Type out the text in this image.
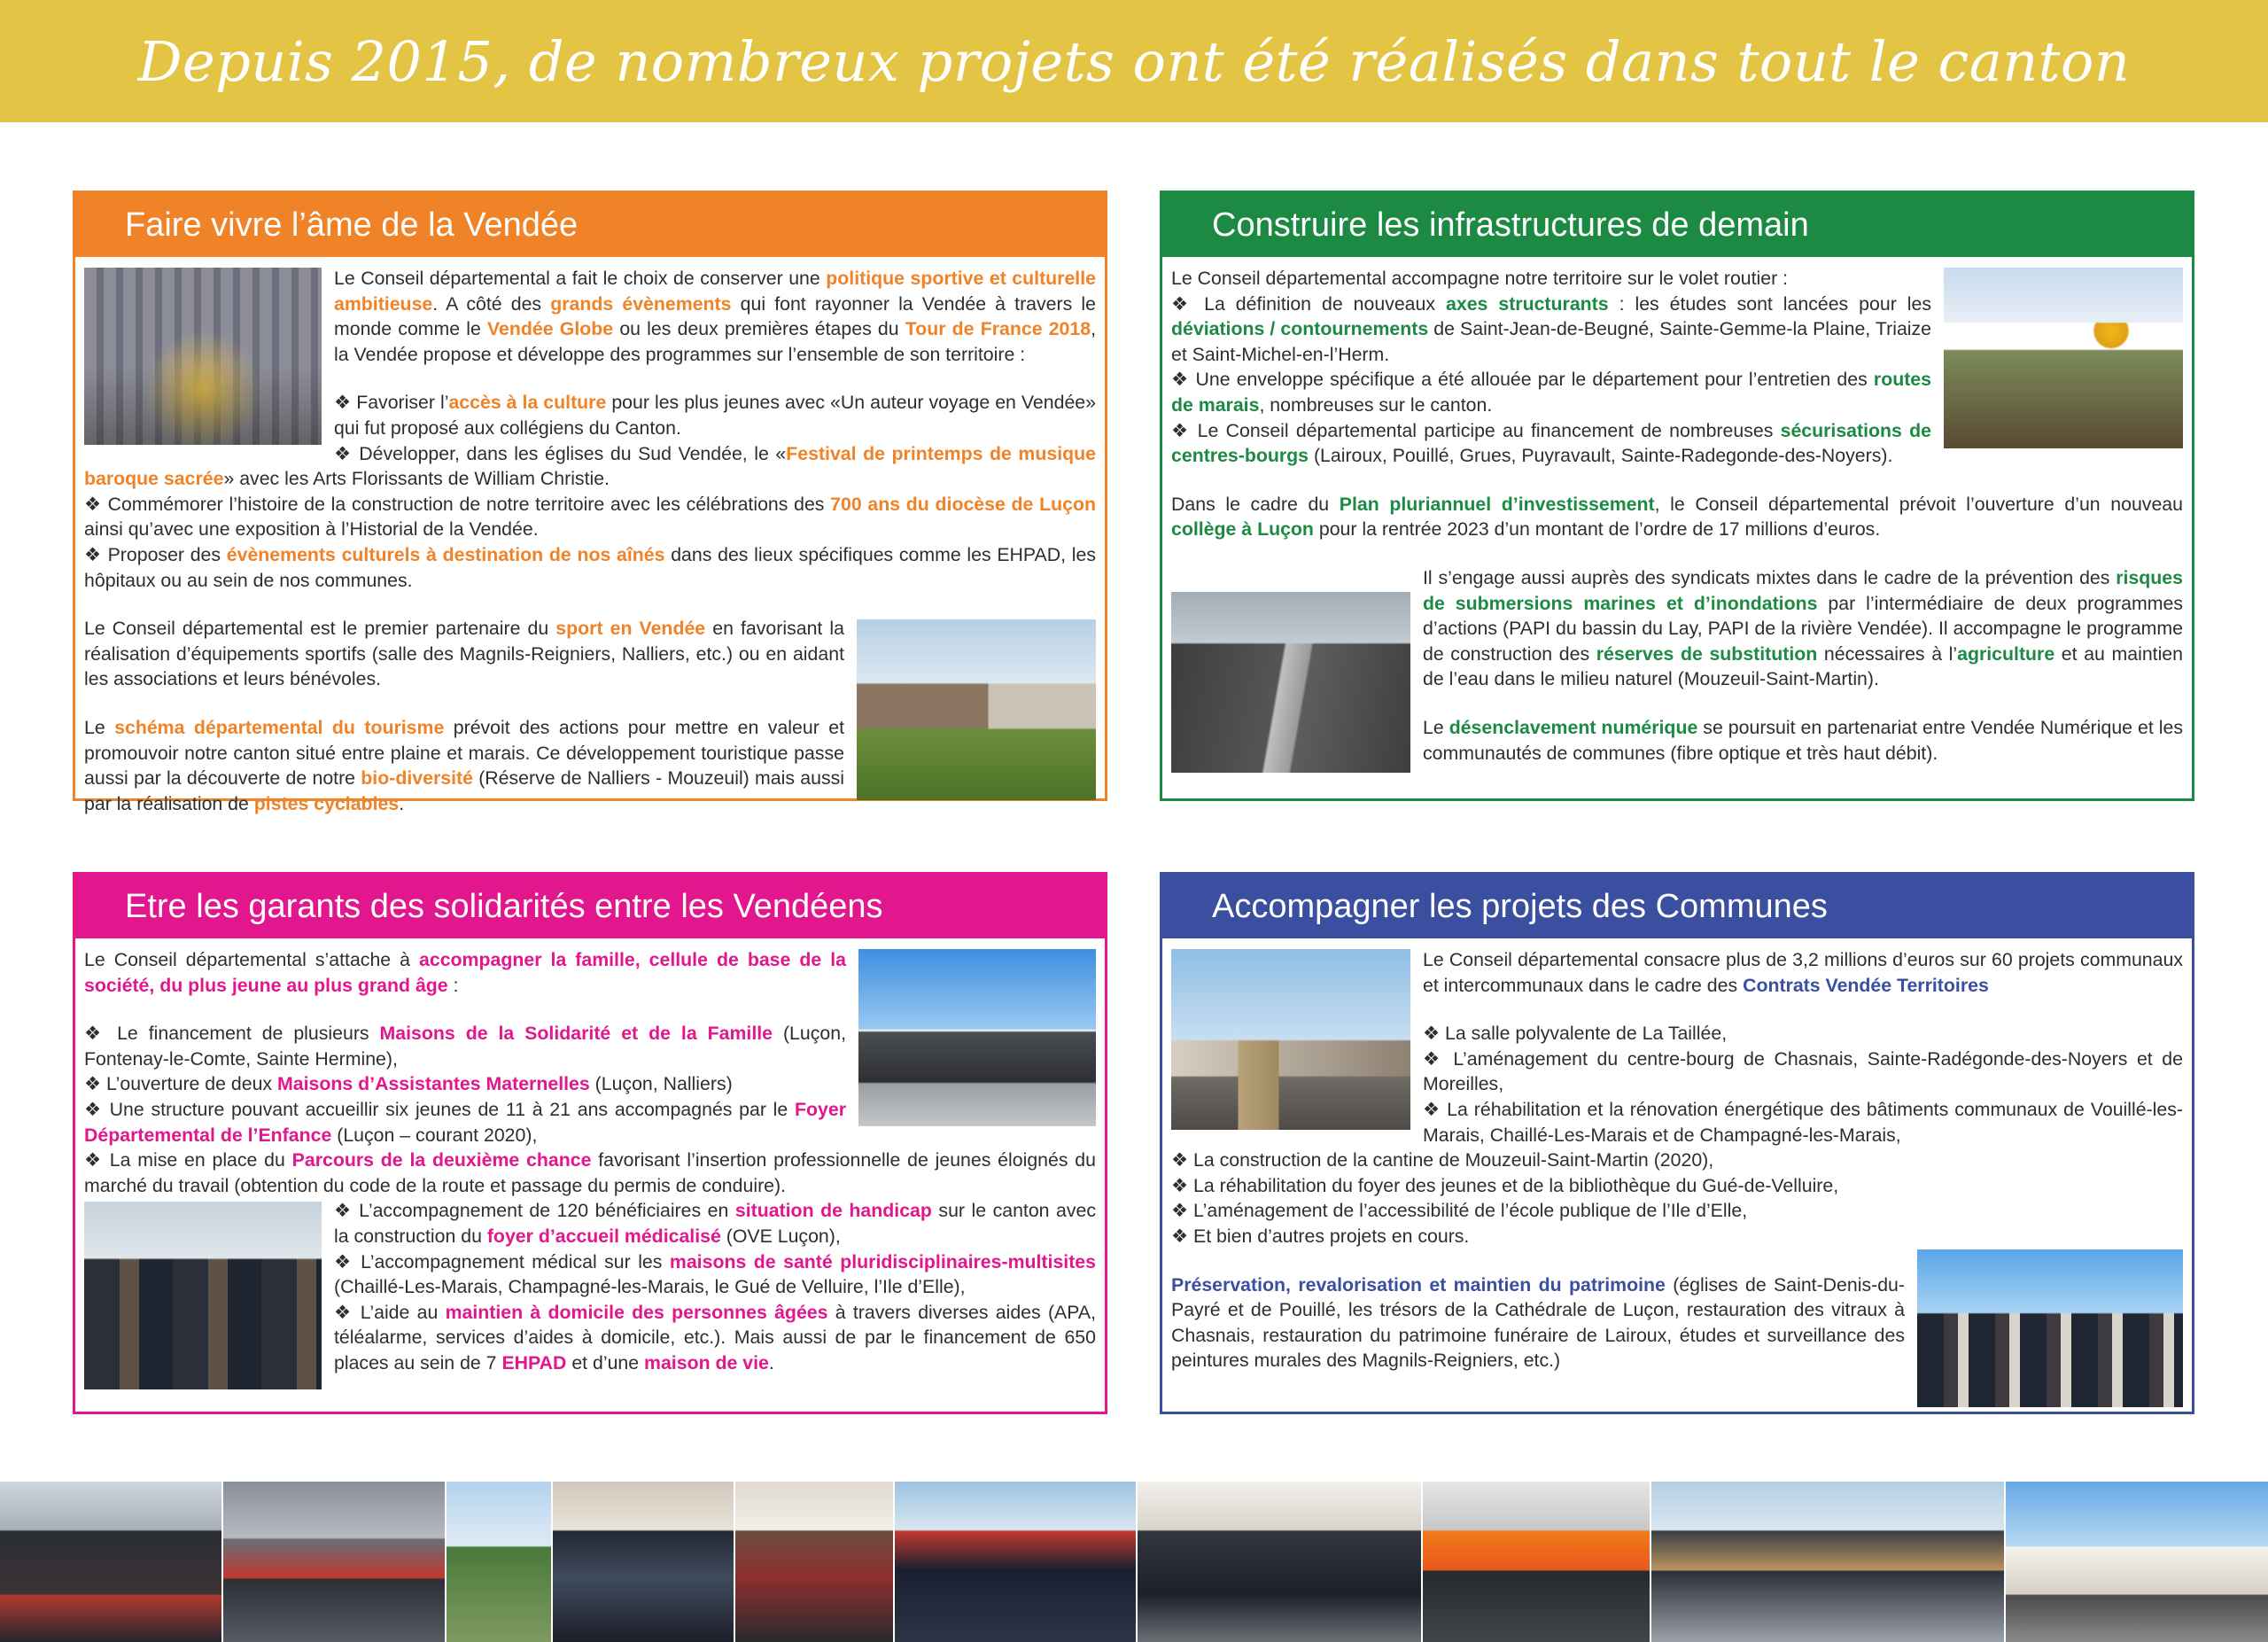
Depuis 2015, de nombreux projets ont été réalisés dans tout le canton
Faire vivre l’âme de la Vendée

Le Conseil départemental a fait le choix de conserver une politique sportive et culturelle ambitieuse. A côté des grands évènements qui font rayonner la Vendée à travers le monde comme le Vendée Globe ou les deux premières étapes du Tour de France 2018, la Vendée propose et développe des programmes sur l’ensemble de son territoire :

❖ Favoriser l’accès à la culture pour les plus jeunes avec «Un auteur voyage en Vendée» qui fut proposé aux collégiens du Canton.

❖ Développer, dans les églises du Sud Vendée, le «Festival de printemps de musique baroque sacrée» avec les Arts Florissants de William Christie.

❖ Commémorer l’histoire de la construction de notre territoire avec les célébrations des 700 ans du diocèse de Luçon ainsi qu’avec une exposition à l’Historial de la Vendée.

❖ Proposer des évènements culturels à destination de nos aînés dans des lieux spécifiques comme les EHPAD, les hôpitaux ou au sein de nos communes.

Le Conseil départemental est le premier partenaire du sport en Vendée en favorisant la réalisation d’équipements sportifs (salle des Magnils-Reigniers, Nalliers, etc.) ou en aidant les associations et leurs bénévoles.

Le schéma départemental du tourisme prévoit des actions pour mettre en valeur et promouvoir notre canton situé entre plaine et marais. Ce développement touristique passe aussi par la découverte de notre bio-diversité (Réserve de Nalliers - Mouzeuil) mais aussi par la réalisation de pistes cyclables.

Construire les infrastructures de demain

Le Conseil départemental accompagne notre territoire sur le volet routier :

❖ La définition de nouveaux axes structurants : les études sont lancées pour les déviations / contournements de Saint-Jean-de-Beugné, Sainte-Gemme-la Plaine, Triaize et Saint-Michel-en-l’Herm.

❖ Une enveloppe spécifique a été allouée par le département pour l’entretien des routes de marais, nombreuses sur le canton.

❖ Le Conseil départemental participe au financement de nombreuses sécurisations de centres-bourgs (Lairoux, Pouillé, Grues, Puyravault, Sainte-Radegonde-des-Noyers).

Dans le cadre du Plan pluriannuel d’investissement, le Conseil départemental prévoit l’ouverture d’un nouveau collège à Luçon pour la rentrée 2023 d’un montant de l’ordre de 17 millions d’euros.

Il s’engage aussi auprès des syndicats mixtes dans le cadre de la prévention des risques de submersions marines et d’inondations par l’intermédiaire de deux programmes d’actions (PAPI du bassin du Lay, PAPI de la rivière Vendée). Il accompagne le programme de construction des réserves de substitution nécessaires à l’agriculture et au maintien de l’eau dans le milieu naturel (Mouzeuil-Saint-Martin).

Le désenclavement numérique se poursuit en partenariat entre Vendée Numérique et les communautés de communes (fibre optique et très haut débit).

Etre les garants des solidarités entre les Vendéens

Le Conseil départemental s’attache à accompagner la famille, cellule de base de la société, du plus jeune au plus grand âge :

❖ Le financement de plusieurs Maisons de la Solidarité et de la Famille (Luçon, Fontenay-le-Comte, Sainte Hermine),

❖ L’ouverture de deux Maisons d’Assistantes Maternelles (Luçon, Nalliers)

❖ Une structure pouvant accueillir six jeunes de 11 à 21 ans accompagnés par le Foyer Départemental de l’Enfance (Luçon – courant 2020),

❖ La mise en place du Parcours de la deuxième chance favorisant l’insertion professionnelle de jeunes éloignés du marché du travail (obtention du code de la route et passage du permis de conduire).

❖ L’accompagnement de 120 bénéficiaires en situation de handicap sur le canton avec la construction du foyer d’accueil médicalisé (OVE Luçon),

❖ L’accompagnement médical sur les maisons de santé pluridisciplinaires-multisites (Chaillé-Les-Marais, Champagné-les-Marais, le Gué de Velluire, l’Ile d’Elle),

❖ L’aide au maintien à domicile des personnes âgées à travers diverses aides (APA, téléalarme, services d’aides à domicile, etc.). Mais aussi de par le financement de 650 places au sein de 7 EHPAD et d’une maison de vie.

Accompagner les projets des Communes

Le Conseil départemental consacre plus de 3,2 millions d’euros sur 60 projets communaux et intercommunaux dans le cadre des Contrats Vendée Territoires

❖ La salle polyvalente de La Taillée,

❖ L’aménagement du centre-bourg de Chasnais, Sainte-Radégonde-des-Noyers et de Moreilles,

❖ La réhabilitation et la rénovation énergétique des bâtiments communaux de Vouillé-les-Marais, Chaillé-Les-Marais et de Champagné-les-Marais,

❖ La construction de la cantine de Mouzeuil-Saint-Martin (2020),

❖ La réhabilitation du foyer des jeunes et de la bibliothèque du Gué-de-Velluire,

❖ L’aménagement de l’accessibilité de l’école publique de l’Ile d’Elle,

❖ Et bien d’autres projets en cours.

Préservation, revalorisation et maintien du patrimoine (églises de Saint-Denis-du-Payré et de Pouillé, les trésors de la Cathédrale de Luçon, restauration des vitraux à Chasnais, restauration du patrimoine funéraire de Lairoux, études et surveillance des peintures murales des Magnils-Reigniers, etc.)
